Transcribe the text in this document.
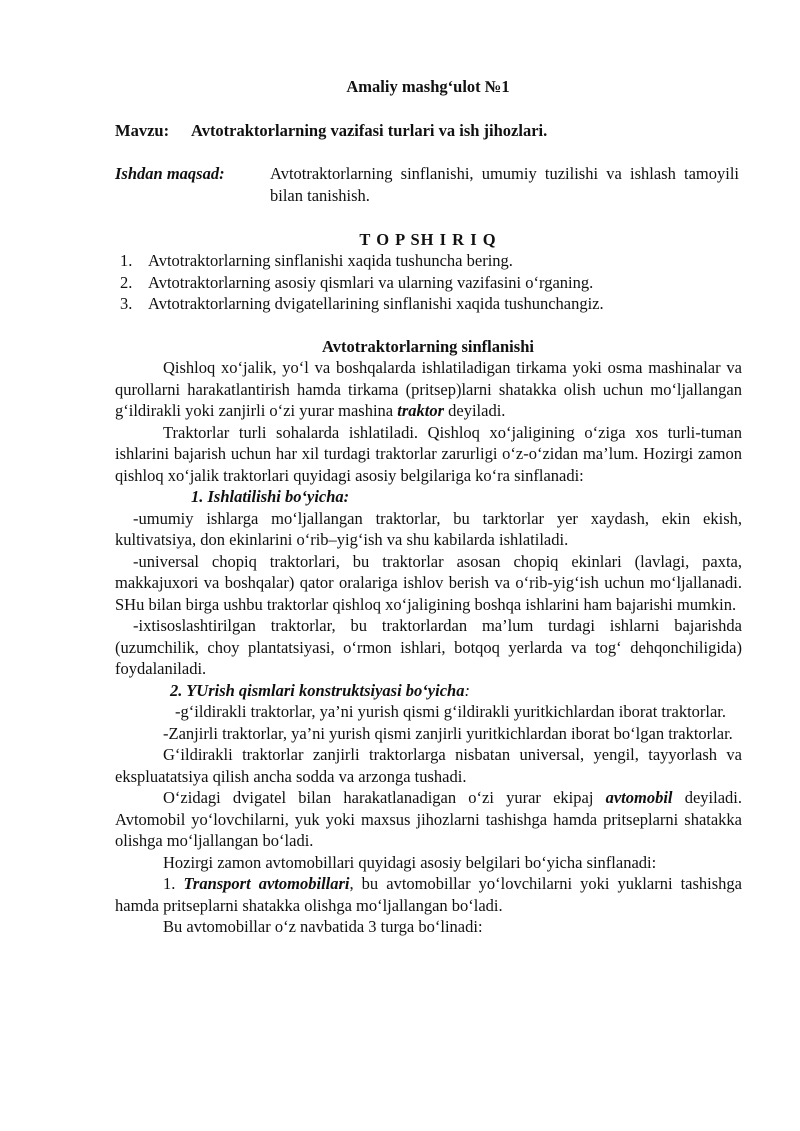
Amaliy mashg‘ulot №1
Mavzu: Avtotraktorlarning vazifasi turlari va ish jihozlari.
Ishdan maqsad:	Avtotraktorlarning sinflanishi, umumiy tuzilishi va ishlash tamoyili bilan tanishish.
T O P SH I R I Q
1. Avtotraktorlarning sinflanishi xaqida tushuncha bering.
2. Avtotraktorlarning asosiy qismlari va ularning vazifasini o‘rganing.
3. Avtotraktorlarning dvigatellarining sinflanishi xaqida tushunchangiz.
Avtotraktorlarning sinflanishi

Qishloq xo‘jalik, yo‘l va boshqalarda ishlatiladigan tirkama yoki osma mashinalar va qurollarni harakatlantirish hamda tirkama (pritsep)larni shatakka olish uchun mo‘ljallangan g‘ildirakli yoki zanjirli o‘zi yurar mashina traktor deyiladi.

Traktorlar turli sohalarda ishlatiladi. Qishloq xo‘jaligining o‘ziga xos turli-tuman ishlarini bajarish uchun har xil turdagi traktorlar zarurligi o‘z-o‘zidan ma’lum. Hozirgi zamon qishloq xo‘jalik traktorlari quyidagi asosiy belgilariga ko‘ra sinflanadi:

1. Ishlatilishi bo‘yicha:

-umumiy ishlarga mo‘ljallangan traktorlar, bu tarktorlar yer xaydash, ekin ekish, kultivatsiya, don ekinlarini o‘rib–yig‘ish va shu kabilarda ishlatiladi.

-universal chopiq traktorlari, bu traktorlar asosan chopiq ekinlari (lavlagi, paxta, makkajuxori va boshqalar) qator oralariga ishlov berish va o‘rib-yig‘ish uchun mo‘ljallanadi. SHu bilan birga ushbu traktorlar qishloq xo‘jaligining boshqa ishlarini ham bajarishi mumkin.

-ixtisoslashtirilgan traktorlar, bu traktorlardan ma’lum turdagi ishlarni bajarishda (uzumchilik, choy plantatsiyasi, o‘rmon ishlari, botqoq yerlarda va tog‘ dehqonchiligida) foydalaniladi.

2. YUrish qismlari konstruktsiyasi bo‘yicha:

-g‘ildirakli traktorlar, ya’ni yurish qismi g‘ildirakli yuritkichlardan iborat traktorlar.

-Zanjirli traktorlar, ya’ni yurish qismi zanjirli yuritkichlardan iborat bo‘lgan traktorlar.

G‘ildirakli traktorlar zanjirli traktorlarga nisbatan universal, yengil, tayyorlash va ekspluatatsiya qilish ancha sodda va arzonga tushadi.

O‘zidagi dvigatel bilan harakatlanadigan o‘zi yurar ekipaj avtomobil deyiladi. Avtomobil yo‘lovchilarni, yuk yoki maxsus jihozlarni tashishga hamda pritseplarni shatakka olishga mo‘ljallangan bo‘ladi.

Hozirgi zamon avtomobillari quyidagi asosiy belgilari bo‘yicha sinflanadi:

1. Transport avtomobillari, bu avtomobillar yo‘lovchilarni yoki yuklarni tashishga hamda pritseplarni shatakka olishga mo‘ljallangan bo‘ladi.

Bu avtomobillar o‘z navbatida 3 turga bo‘linadi:
